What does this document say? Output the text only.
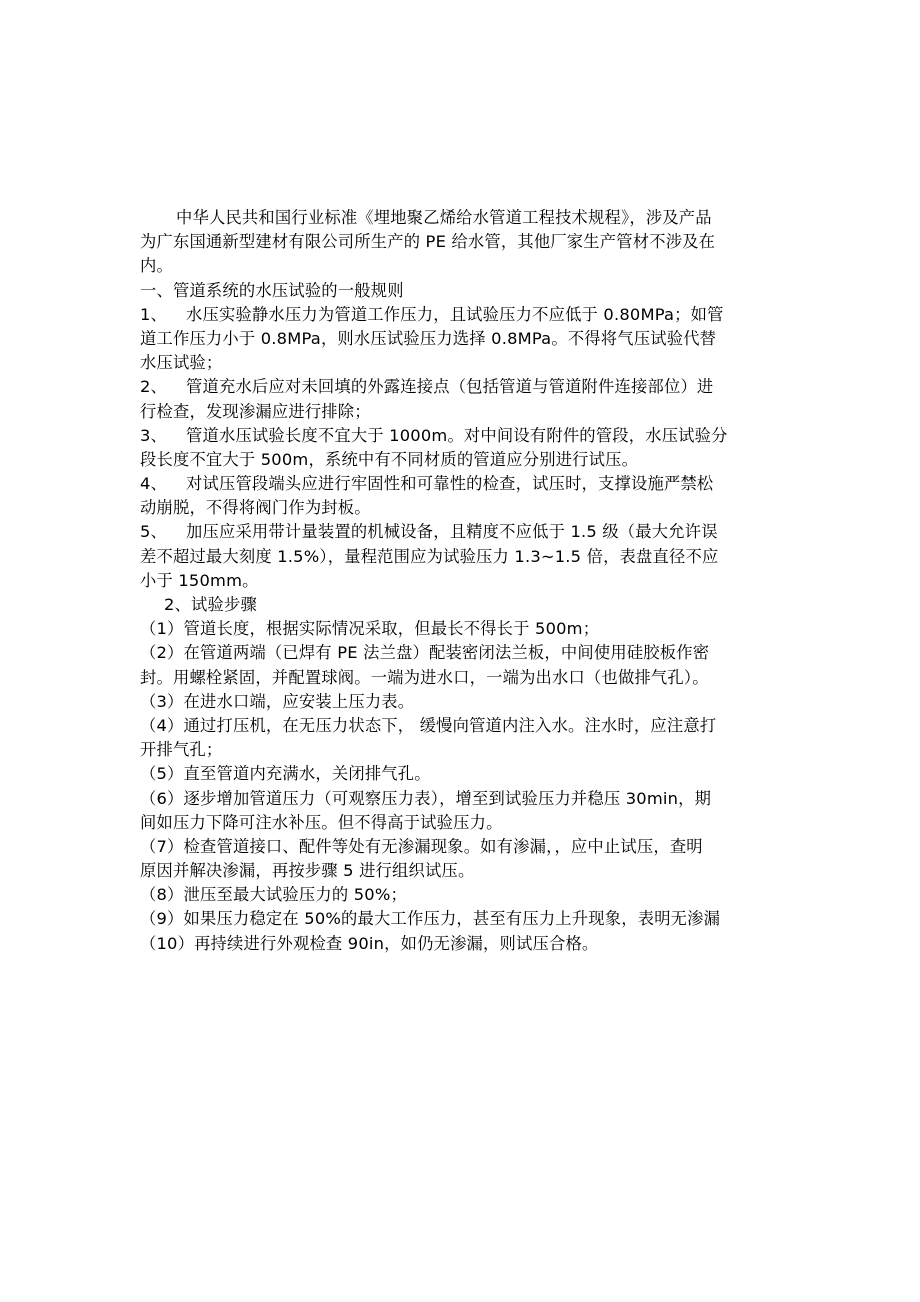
中华人民共和国行业标准《埋地聚乙烯给水管道工程技术规程》，涉及产品
为广东国通新型建材有限公司所生产的 PE 给水管，其他厂家生产管材不涉及在
内。
一、管道系统的水压试验的一般规则
1、 水压实验静水压力为管道工作压力，且试验压力不应低于 0.80MPa；如管
道工作压力小于 0.8MPa，则水压试验压力选择 0.8MPa。不得将气压试验代替
水压试验；
2、 管道充水后应对未回填的外露连接点（包括管道与管道附件连接部位）进
行检查，发现渗漏应进行排除；
3、 管道水压试验长度不宜大于 1000m。对中间设有附件的管段，水压试验分
段长度不宜大于 500m，系统中有不同材质的管道应分别进行试压。
4、 对试压管段端头应进行牢固性和可靠性的检查，试压时，支撑设施严禁松
动崩脱，不得将阀门作为封板。
5、 加压应采用带计量装置的机械设备，且精度不应低于 1.5 级（最大允许误
差不超过最大刻度 1.5%），量程范围应为试验压力 1.3~1.5 倍，表盘直径不应
小于 150mm。
2、试验步骤
（1）管道长度，根据实际情况采取，但最长不得长于 500m；
（2）在管道两端（已焊有 PE 法兰盘）配装密闭法兰板，中间使用硅胶板作密
封。用螺栓紧固，并配置球阀。一端为进水口，一端为出水口（也做排气孔）。
（3）在进水口端，应安装上压力表。
（4）通过打压机，在无压力状态下， 缓慢向管道内注入水。注水时，应注意打
开排气孔；
（5）直至管道内充满水，关闭排气孔。
（6）逐步增加管道压力（可观察压力表），增至到试验压力并稳压 30min，期
间如压力下降可注水补压。但不得高于试验压力。
（7）检查管道接口、配件等处有无渗漏现象。如有渗漏，，应中止试压，查明
原因并解决渗漏，再按步骤 5 进行组织试压。
（8）泄压至最大试验压力的 50%；
（9）如果压力稳定在 50%的最大工作压力，甚至有压力上升现象，表明无渗漏
（10）再持续进行外观检查 90in，如仍无渗漏，则试压合格。
